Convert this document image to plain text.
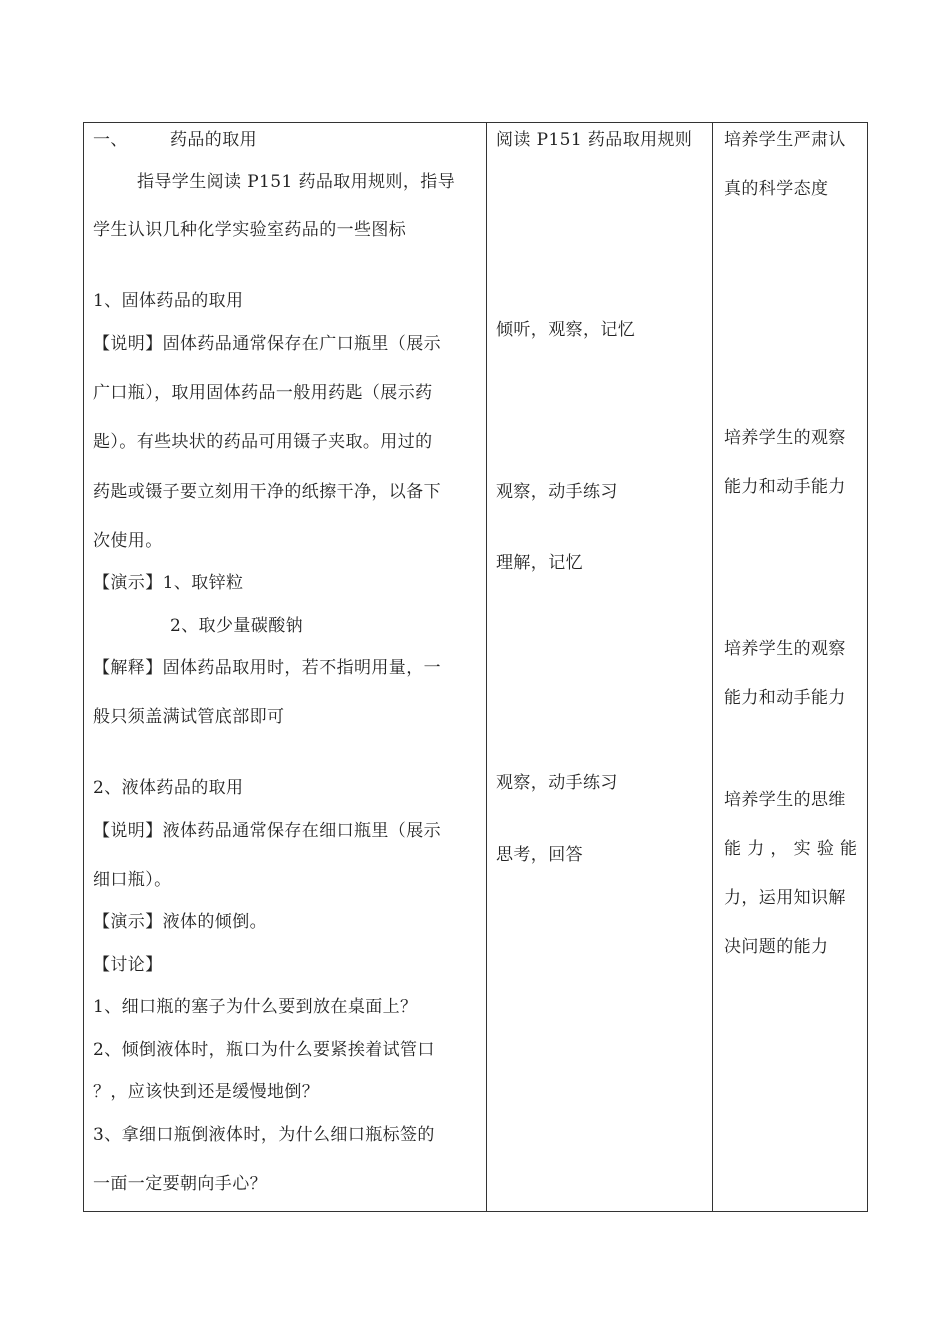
一、 药品的取用
指导学生阅读 P151 药品取用规则，指导
学生认识几种化学实验室药品的一些图标
1、固体药品的取用
【说明】固体药品通常保存在广口瓶里（展示
广口瓶），取用固体药品一般用药匙（展示药
匙）。有些块状的药品可用镊子夹取。用过的
药匙或镊子要立刻用干净的纸擦干净，以备下
次使用。
【演示】1、取锌粒
2、取少量碳酸钠
【解释】固体药品取用时，若不指明用量，一
般只须盖满试管底部即可
2、液体药品的取用
【说明】液体药品通常保存在细口瓶里（展示
细口瓶）。
【演示】液体的倾倒。
【讨论】
1、细口瓶的塞子为什么要到放在桌面上？
2、倾倒液体时，瓶口为什么要紧挨着试管口
？，应该快到还是缓慢地倒？
3、拿细口瓶倒液体时，为什么细口瓶标签的
一面一定要朝向手心？
阅读 P151 药品取用规则
倾听，观察，记忆
观察，动手练习
理解，记忆
观察，动手练习
思考，回答
培养学生严肃认
真的科学态度
培养学生的观察
能力和动手能力
培养学生的观察
能力和动手能力
培养学生的思维
能 力 ， 实 验 能
力，运用知识解
决问题的能力
